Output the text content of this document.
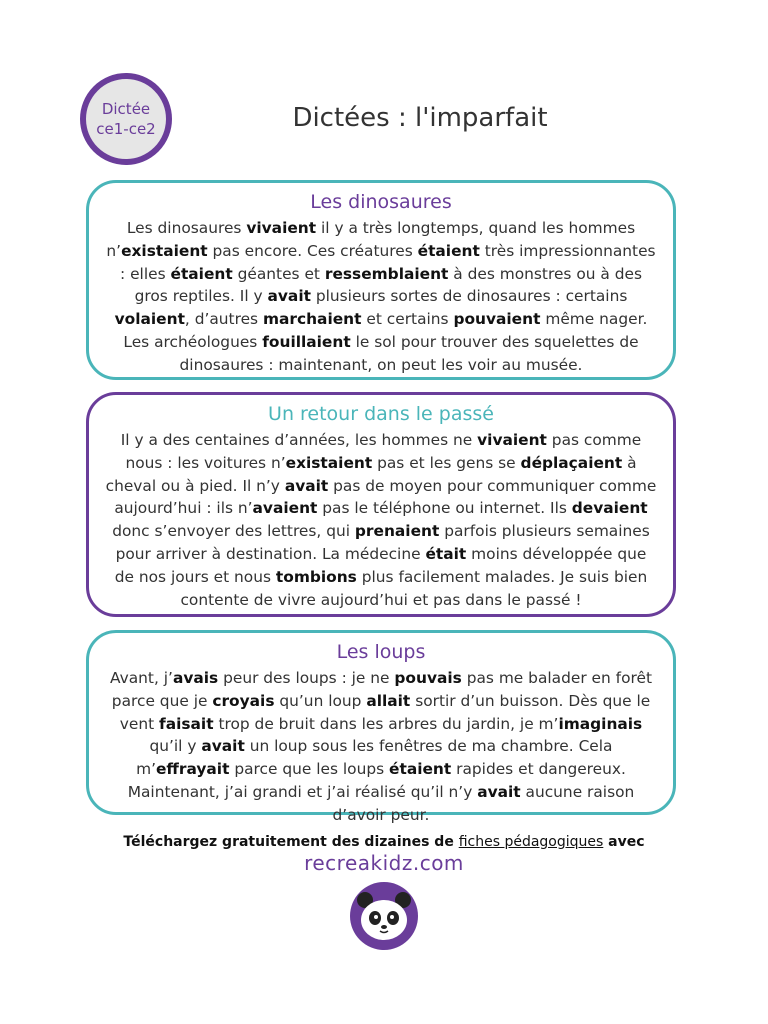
Dictée
ce1-ce2	Dictées : l'imparfait
Les dinosaures

Les dinosaures vivaient il y a très longtemps, quand les hommes n’existaient pas encore. Ces créatures étaient très impressionnantes : elles étaient géantes et ressemblaient à des monstres ou à des gros reptiles. Il y avait plusieurs sortes de dinosaures : certains volaient, d’autres marchaient et certains pouvaient même nager. Les archéologues fouillaient le sol pour trouver des squelettes de dinosaures : maintenant, on peut les voir au musée.

Un retour dans le passé

Il y a des centaines d’années, les hommes ne vivaient pas comme nous : les voitures n’existaient pas et les gens se déplaçaient à cheval ou à pied. Il n’y avait pas de moyen pour communiquer comme aujourd’hui : ils n’avaient pas le téléphone ou internet. Ils devaient donc s’envoyer des lettres, qui prenaient parfois plusieurs semaines pour arriver à destination. La médecine était moins développée que de nos jours et nous tombions plus facilement malades. Je suis bien contente de vivre aujourd’hui et pas dans le passé !

Les loups

Avant, j’avais peur des loups : je ne pouvais pas me balader en forêt parce que je croyais qu’un loup allait sortir d’un buisson. Dès que le vent faisait trop de bruit dans les arbres du jardin, je m’imaginais qu’il y avait un loup sous les fenêtres de ma chambre. Cela m’effrayait parce que les loups étaient rapides et dangereux. Maintenant, j’ai grandi et j’ai réalisé qu’il n’y avait aucune raison d’avoir peur.

Téléchargez gratuitement des dizaines de fiches pédagogiques avec
recreakidz.com
